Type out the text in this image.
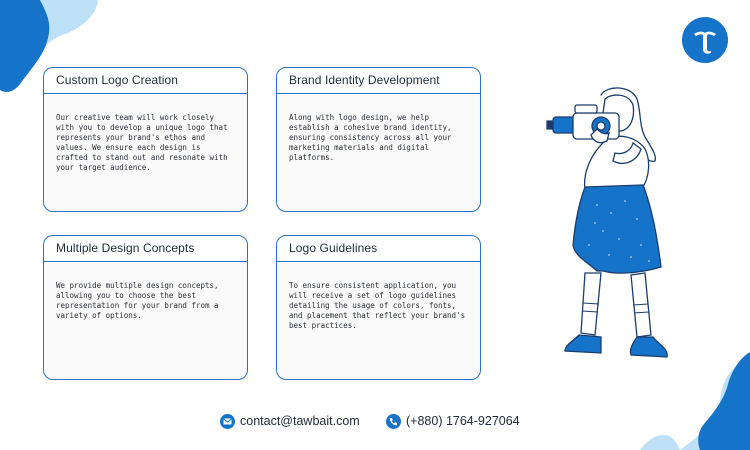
Custom Logo Creation
Our creative team will work closely with you to develop a unique logo that represents your brand's ethos and values. We ensure each design is crafted to stand out and resonate with your target audience.
Brand Identity Development
Along with logo design, we help establish a cohesive brand identity, ensuring consistency across all your marketing materials and digital platforms.
Multiple Design Concepts
We provide multiple design concepts, allowing you to choose the best representation for your brand from a variety of options.
Logo Guidelines
To ensure consistent application, you will receive a set of logo guidelines detailing the usage of colors, fonts, and placement that reflect your brand's best practices.
contact@tawbait.com	(+880) 1764-927064
